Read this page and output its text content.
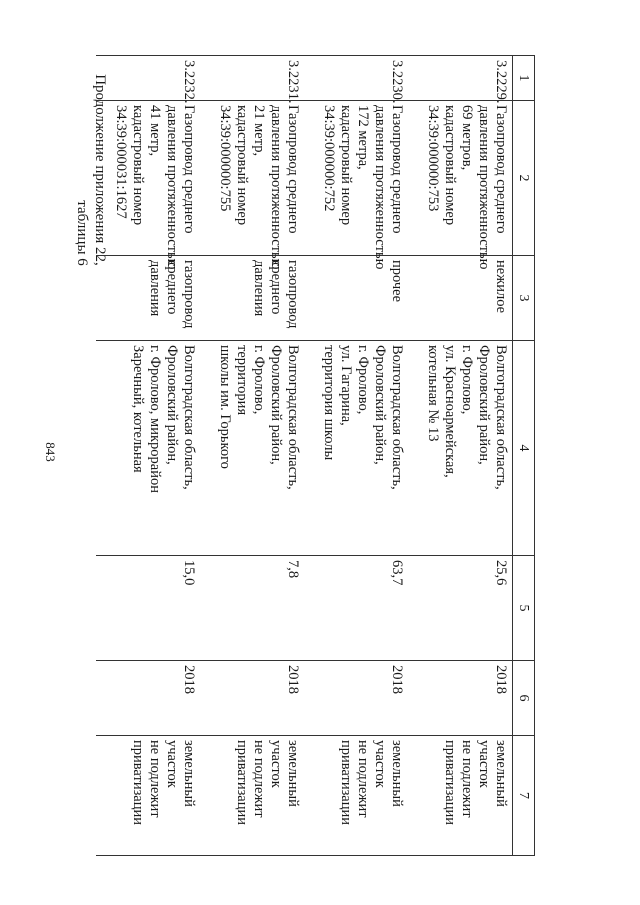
843
Продолжение приложения 22,
таблицы 6
1	2	3	4	5	6	7
3.2229.	Газопровод среднего
давления протяженностью
69 метров,
кадастровый номер
34:39:000000:753	нежилое	Волгоградская область,
Фроловский район,
г. Фролово,
ул. Красноармейская,
котельная № 13	25,6	2018	земельный
участок
не подлежит
приватизации

3.2230.	Газопровод среднего
давления протяженностью
172 метра,
кадастровый номер
34:39:000000:752	прочее	Волгоградская область,
Фроловский район,
г. Фролово,
ул. Гагарина,
территория школы	63,7	2018	земельный
участок
не подлежит
приватизации

3.2231.	Газопровод среднего
давления протяженностью
21 метр,
кадастровый номер
34:39:000000:755	газопровод
среднего
давления	Волгоградская область,
Фроловский район,
г. Фролово,
территория
школы им. Горького	7,8	2018	земельный
участок
не подлежит
приватизации

3.2232.	Газопровод среднего
давления протяженностью
41 метр,
кадастровый номер
34:39:000031:1627	газопровод
среднего
давления	Волгоградская область,
Фроловский район,
г. Фролово, микрорайон
Заречный, котельная	15,0	2018	земельный
участок
не подлежит
приватизации
